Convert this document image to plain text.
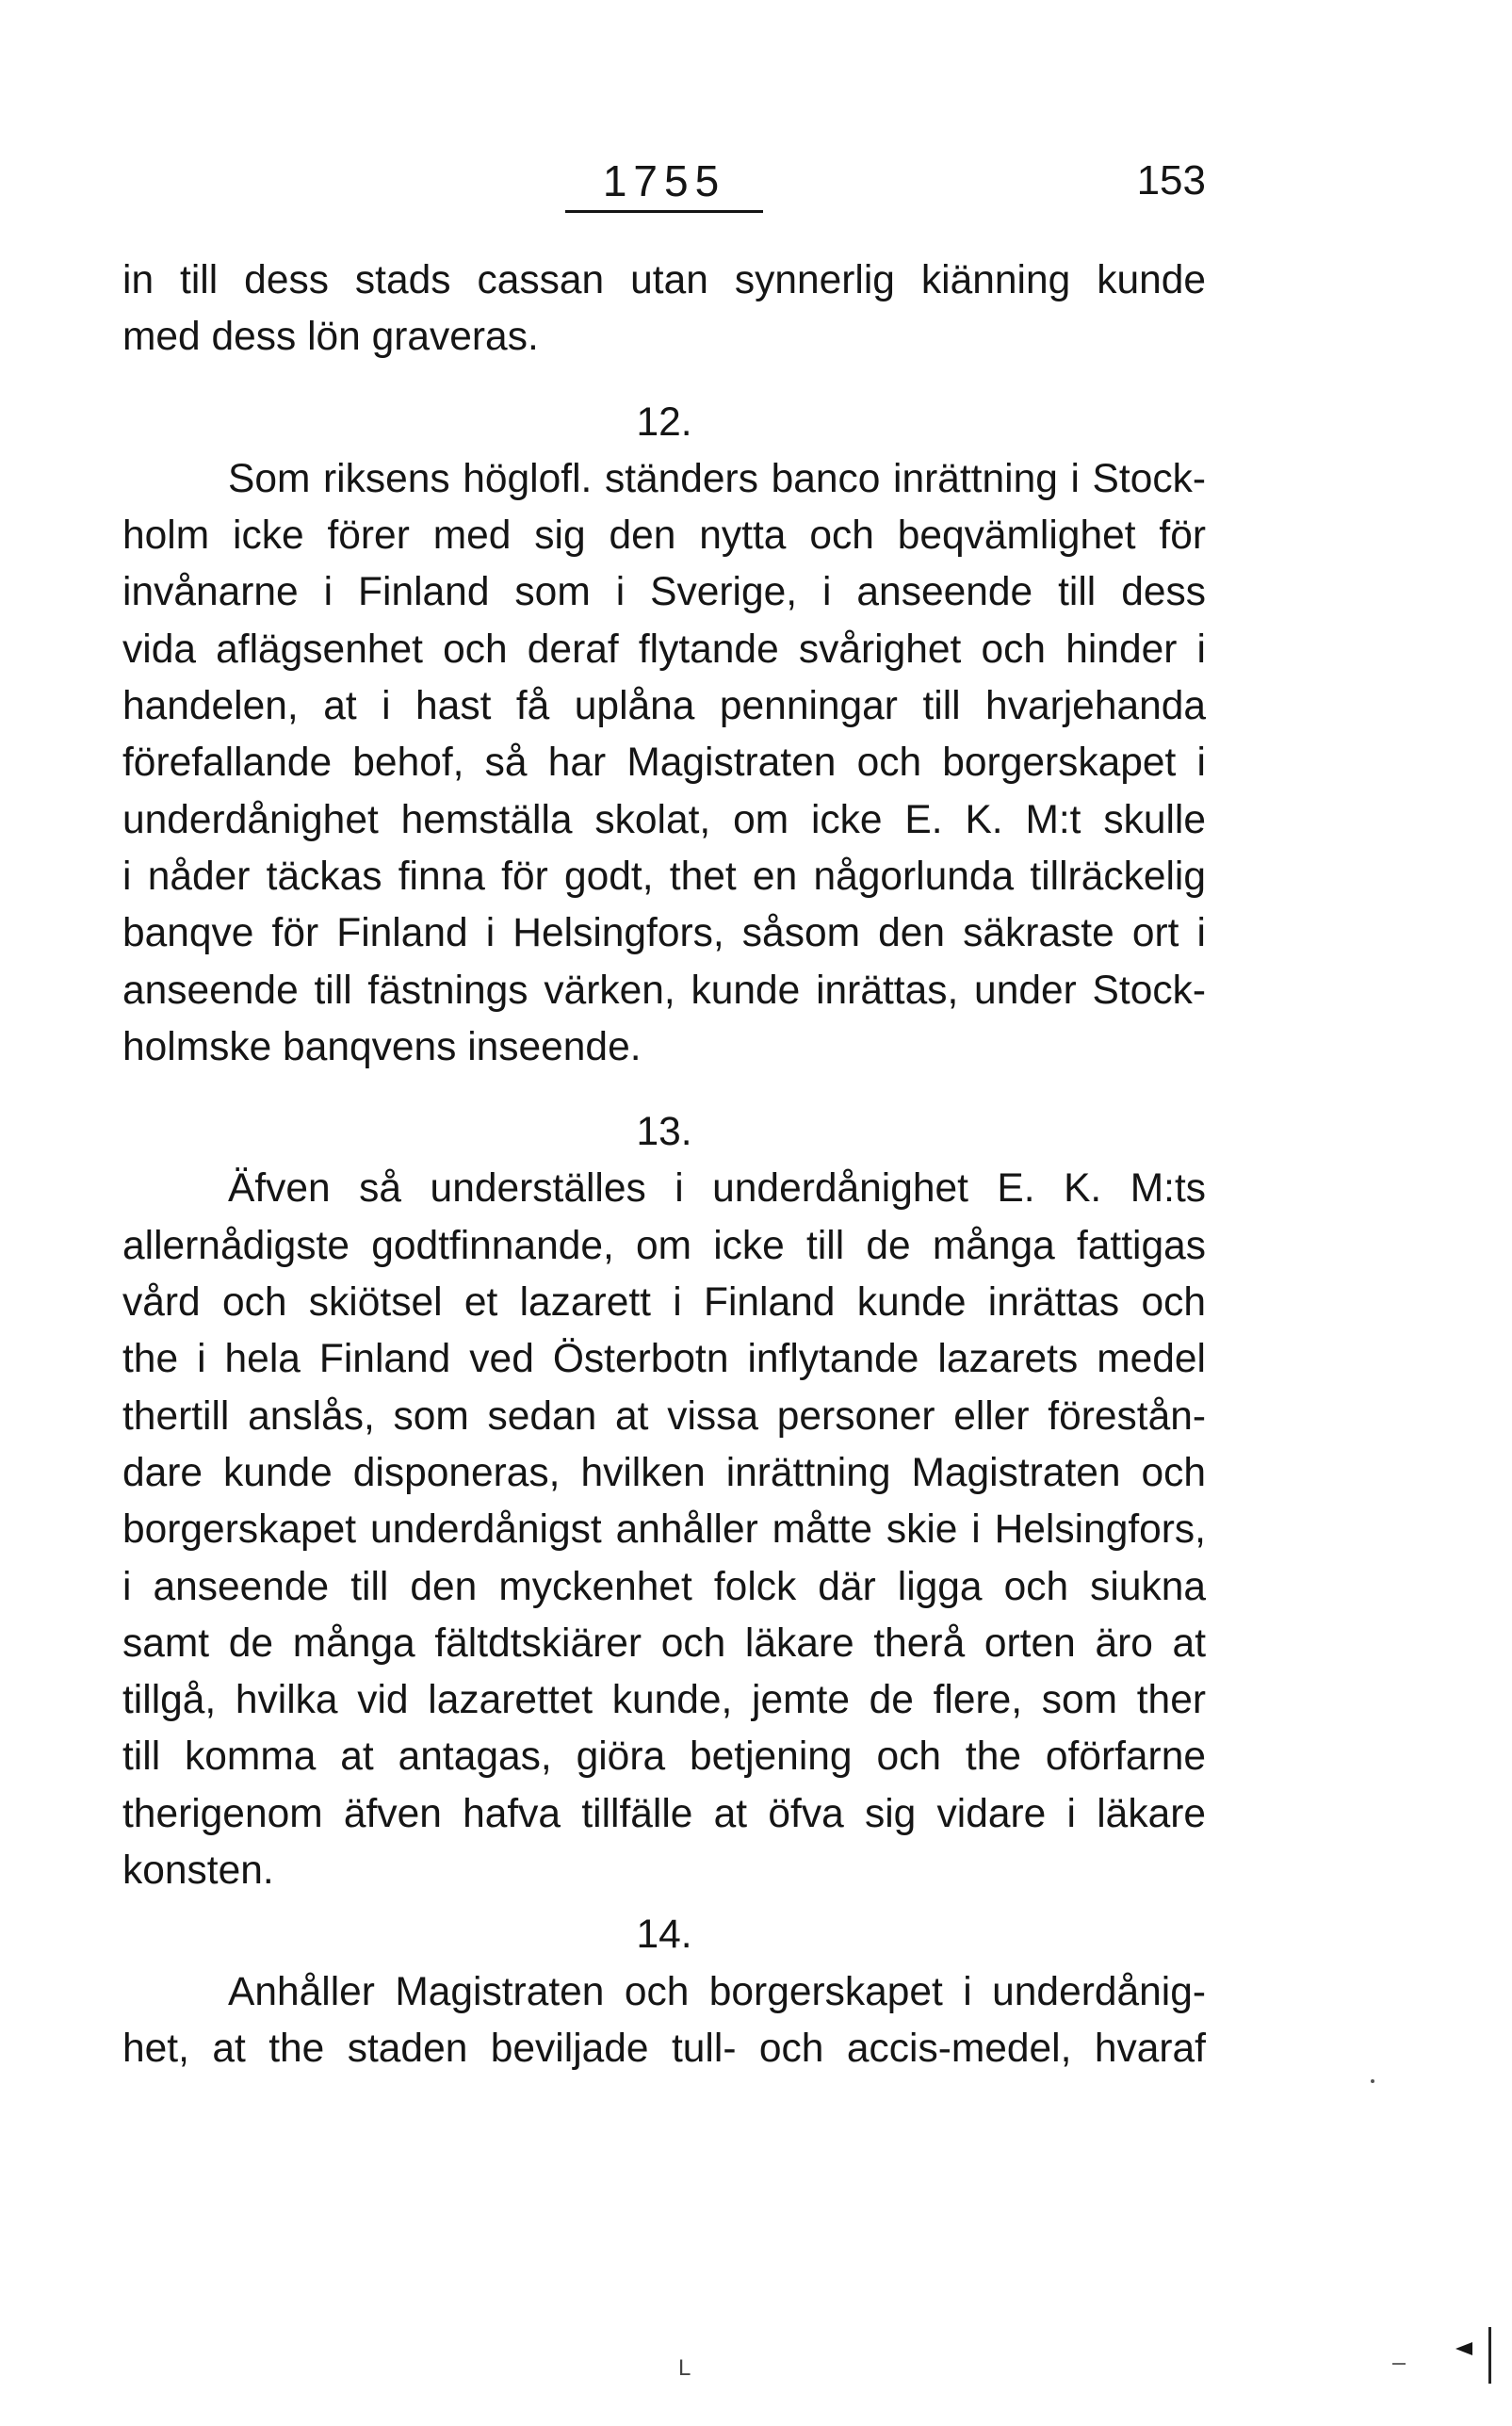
1755	153
in till dess stads cassan utan synnerlig kiänning kunde
med dess lön graveras.
12.
Som riksens höglofl. ständers banco inrättning i Stock-
holm icke förer med sig den nytta och beqvämlighet för
invånarne i Finland som i Sverige, i anseende till dess
vida aflägsenhet och deraf flytande svårighet och hinder i
handelen, at i hast få uplåna penningar till hvarjehanda
förefallande behof, så har Magistraten och borgerskapet i
underdånighet hemställa skolat, om icke E. K. M:t skulle
i nåder täckas finna för godt, thet en någorlunda tillräckelig
banqve för Finland i Helsingfors, såsom den säkraste ort i
anseende till fästnings värken, kunde inrättas, under Stock-
holmske banqvens inseende.
13.
Äfven så underställes i underdånighet E. K. M:ts
allernådigste godtfinnande, om icke till de många fattigas
vård och skiötsel et lazarett i Finland kunde inrättas och
the i hela Finland ved Österbotn inflytande lazarets medel
thertill anslås, som sedan at vissa personer eller förestån-
dare kunde disponeras, hvilken inrättning Magistraten och
borgerskapet underdånigst anhåller måtte skie i Helsingfors,
i anseende till den myckenhet folck där ligga och siukna
samt de många fältdtskiärer och läkare therå orten äro at
tillgå, hvilka vid lazarettet kunde, jemte de flere, som ther
till komma at antagas, giöra betjening och the oförfarne
therigenom äfven hafva tillfälle at öfva sig vidare i läkare
konsten.
14.
Anhåller Magistraten och borgerskapet i underdånig-
het, at the staden beviljade tull- och accis-medel, hvaraf
L
